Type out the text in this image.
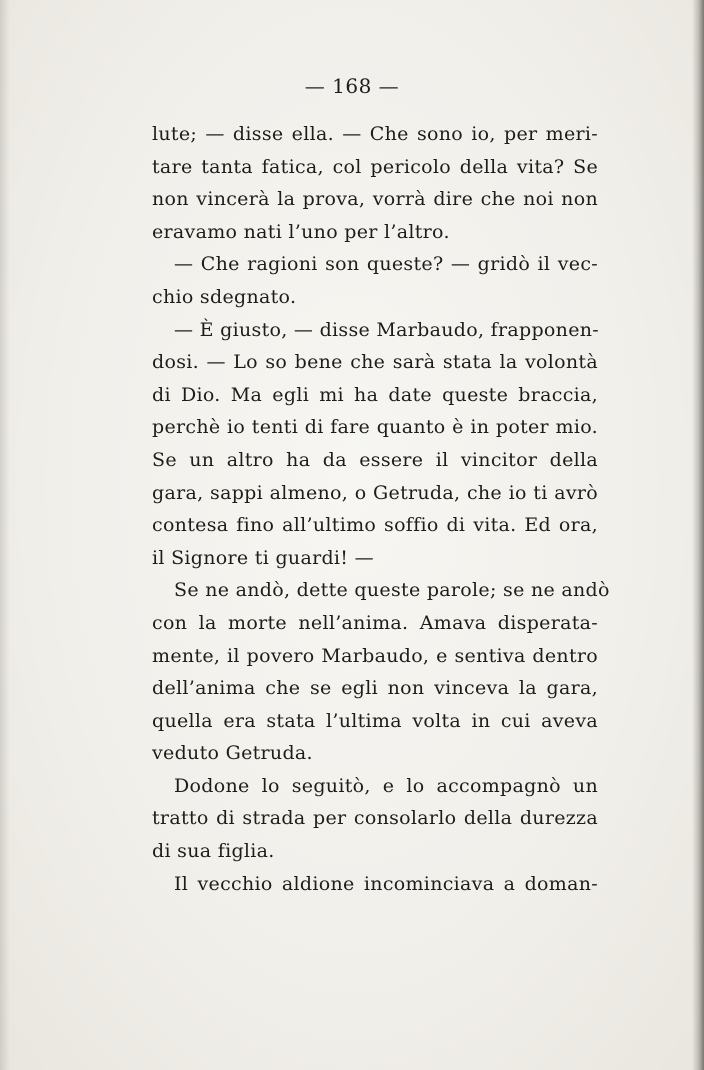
— 168 —
lute; — disse ella. — Che sono io, per meri-
tare tanta fatica, col pericolo della vita? Se
non vincerà la prova, vorrà dire che noi non
eravamo nati l’uno per l’altro.
— Che ragioni son queste? — gridò il vec-
chio sdegnato.
— È giusto, — disse Marbaudo, frapponen-
dosi. — Lo so bene che sarà stata la volontà
di Dio. Ma egli mi ha date queste braccia,
perchè io tenti di fare quanto è in poter mio.
Se un altro ha da essere il vincitor della
gara, sappi almeno, o Getruda, che io ti avrò
contesa fino all’ultimo soffio di vita. Ed ora,
il Signore ti guardi! —
Se ne andò, dette queste parole; se ne andò
con la morte nell’anima. Amava disperata-
mente, il povero Marbaudo, e sentiva dentro
dell’anima che se egli non vinceva la gara,
quella era stata l’ultima volta in cui aveva
veduto Getruda.
Dodone lo seguitò, e lo accompagnò un
tratto di strada per consolarlo della durezza
di sua figlia.
Il vecchio aldione incominciava a doman-
